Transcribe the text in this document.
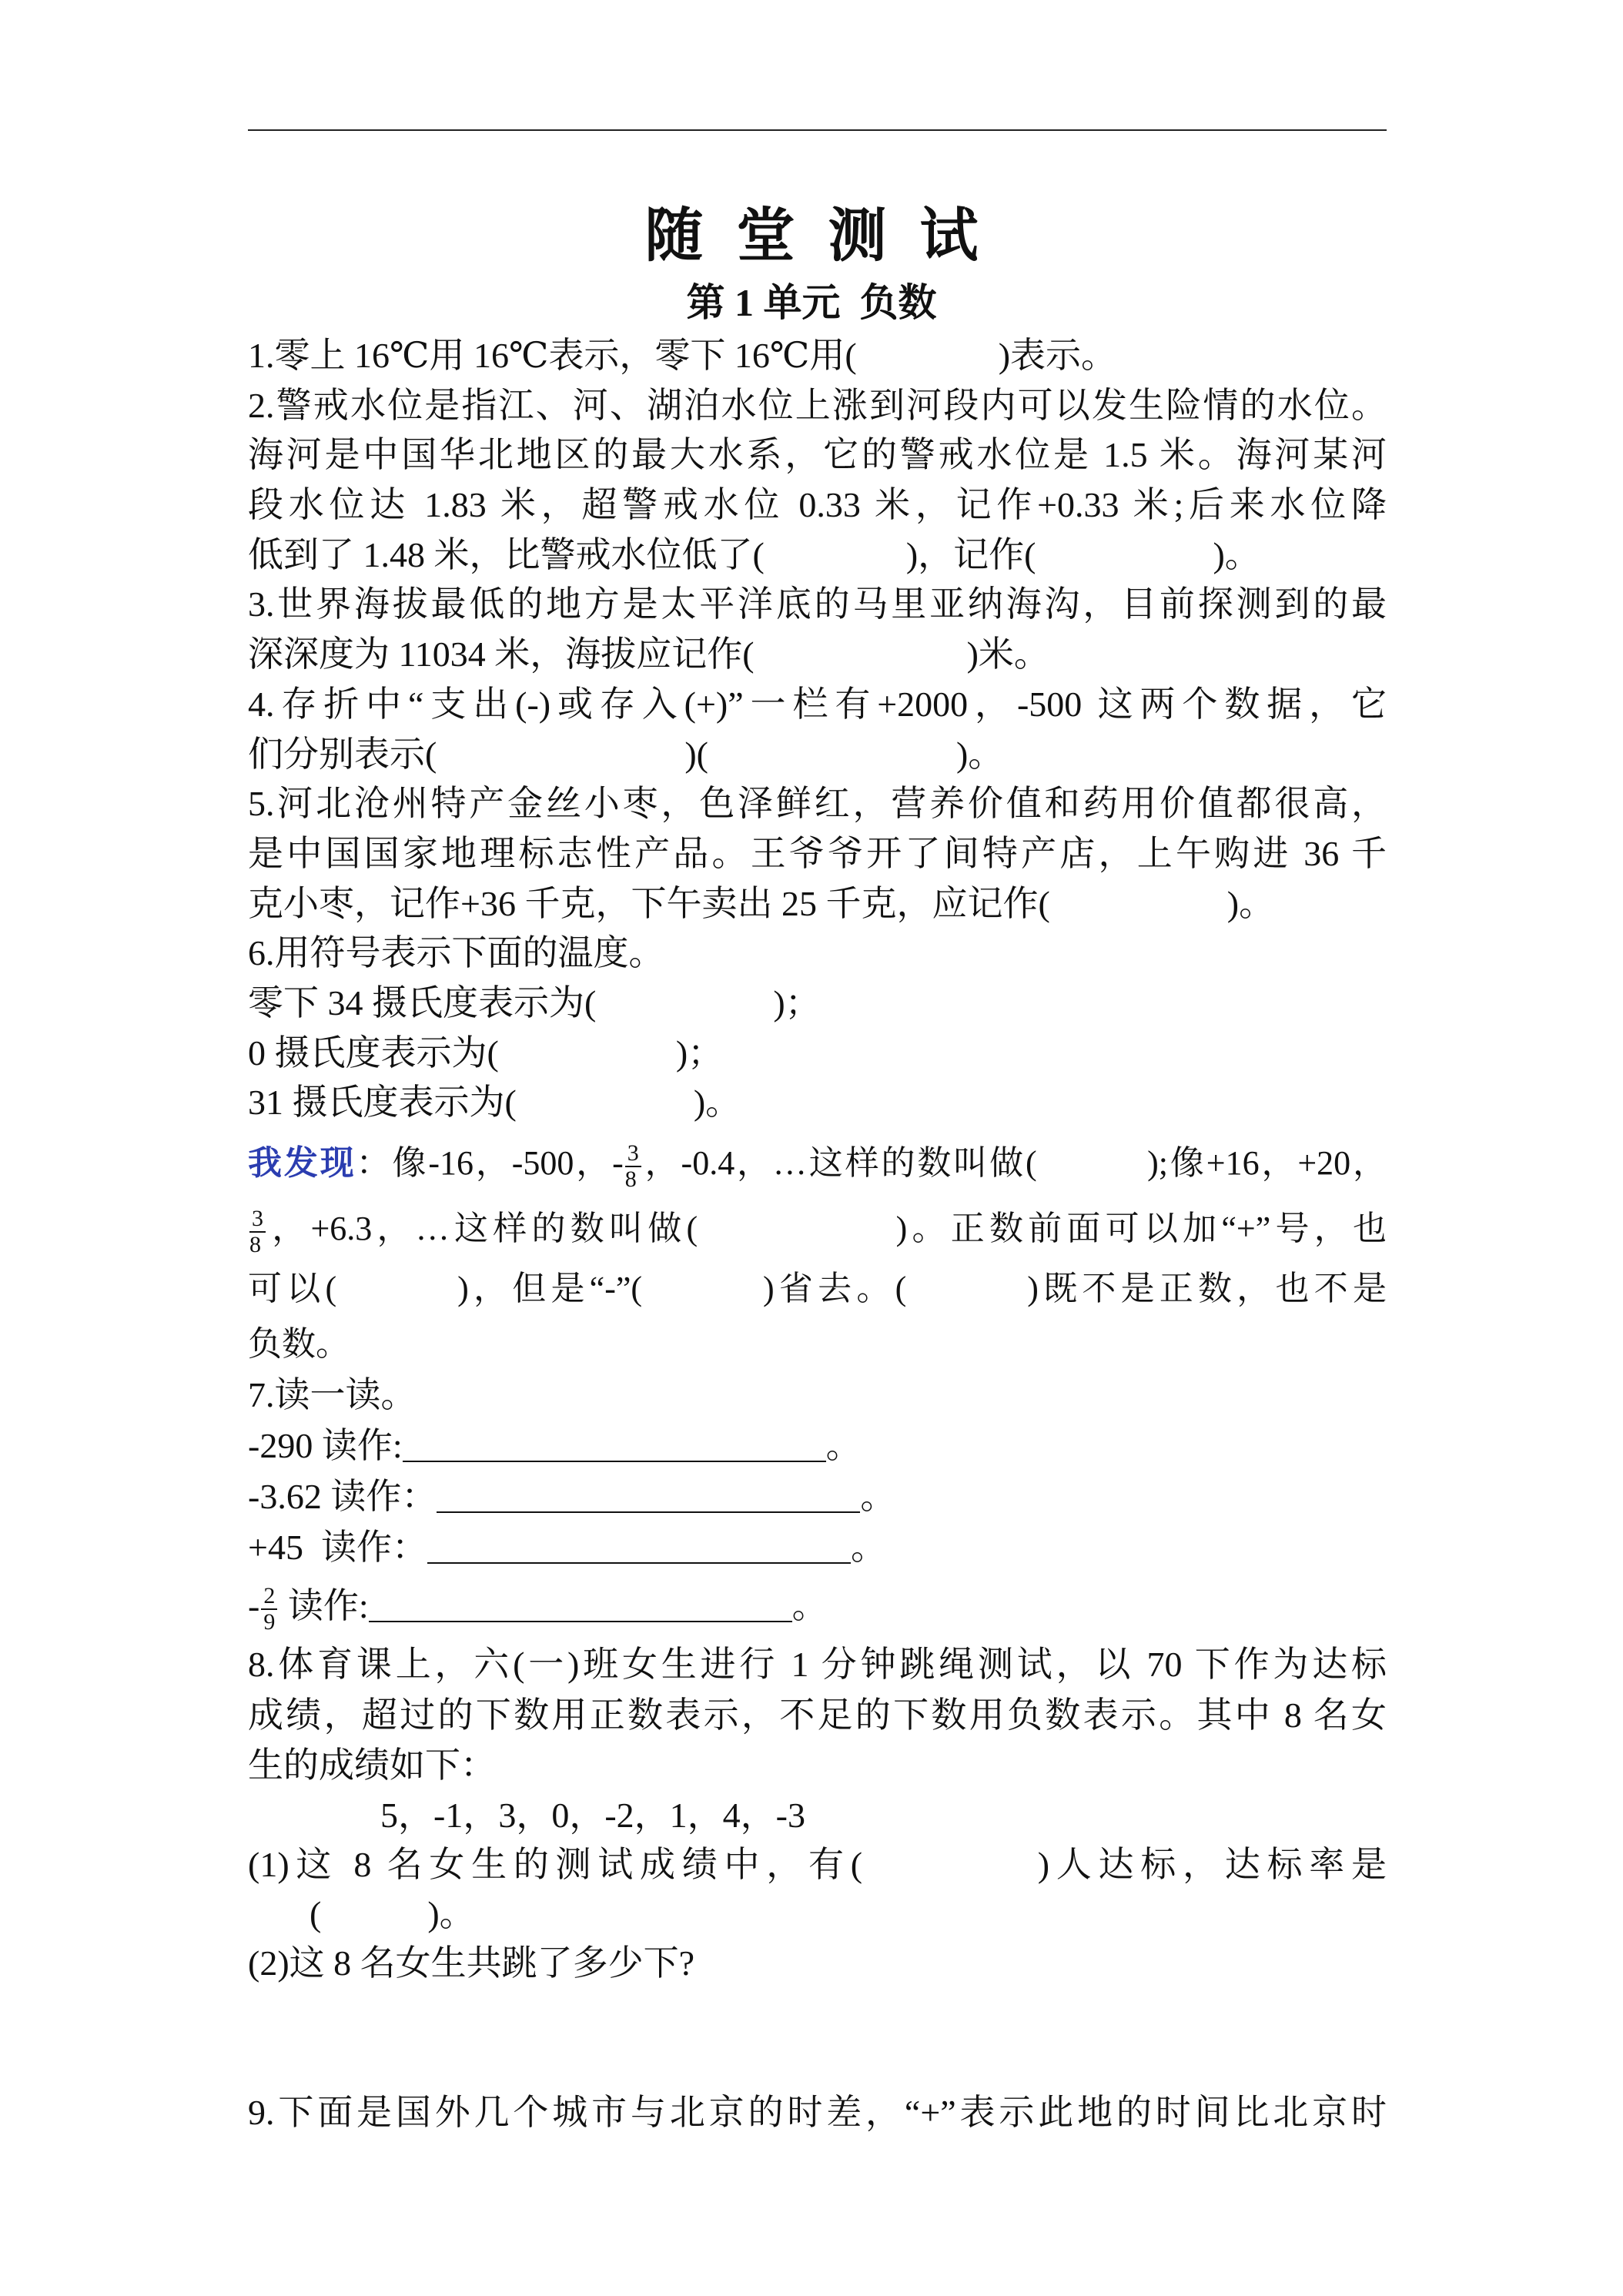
随 堂 测 试
第 1 单元  负数
1.零上 16℃用 16℃表示，零下 16℃用(　　　　)表示。
2.警戒水位是指江、河、湖泊水位上涨到河段内可以发生险情的水位。
海河是中国华北地区的最大水系，它的警戒水位是 1.5 米。海河某河
段水位达 1.83 米，超警戒水位 0.33 米，记作+0.33 米;后来水位降
低到了 1.48 米，比警戒水位低了(　　　　)，记作(　　　　　)。
3.世界海拔最低的地方是太平洋底的马里亚纳海沟，目前探测到的最
深深度为 11034 米，海拔应记作(　　　　　　)米。
4.存折中“支出(-)或存入(+)”一栏有+2000，-500 这两个数据，它
们分别表示(　　　　　　　)(　　　　　　　)。
5.河北沧州特产金丝小枣，色泽鲜红，营养价值和药用价值都很高，
是中国国家地理标志性产品。王爷爷开了间特产店，上午购进 36 千
克小枣，记作+36 千克，下午卖出 25 千克，应记作(　　　　　)。
6.用符号表示下面的温度。
零下 34 摄氏度表示为(　　　　　)；
0 摄氏度表示为(　　　　　)；
31 摄氏度表示为(　　　　　)。
我发现：像-16，-500，- $\frac{3}{8}$ ，-0.4，…这样的数叫做(　　　);像+16，+20，
$\frac{3}{8}$ ，+6.3，…这样的数叫做(　　　　　)。正数前面可以加“+”号，也
可以(　　　)，但是“-”(　　　)省去。(　　　)既不是正数，也不是
负数。
7.读一读。
-290 读作:	。
-3.62 读作：	。
+45  读作：	。
- $\frac{2}{9}$ 读作:	。
8.体育课上，六(一)班女生进行 1 分钟跳绳测试，以 70 下作为达标
成绩，超过的下数用正数表示，不足的下数用负数表示。其中 8 名女
生的成绩如下：
5，-1，3，0，-2，1，4，-3
(1)这 8 名女生的测试成绩中，有(　　　　)人达标，达标率是
(　　　)。
(2)这 8 名女生共跳了多少下?
9.下面是国外几个城市与北京的时差，“+”表示此地的时间比北京时
